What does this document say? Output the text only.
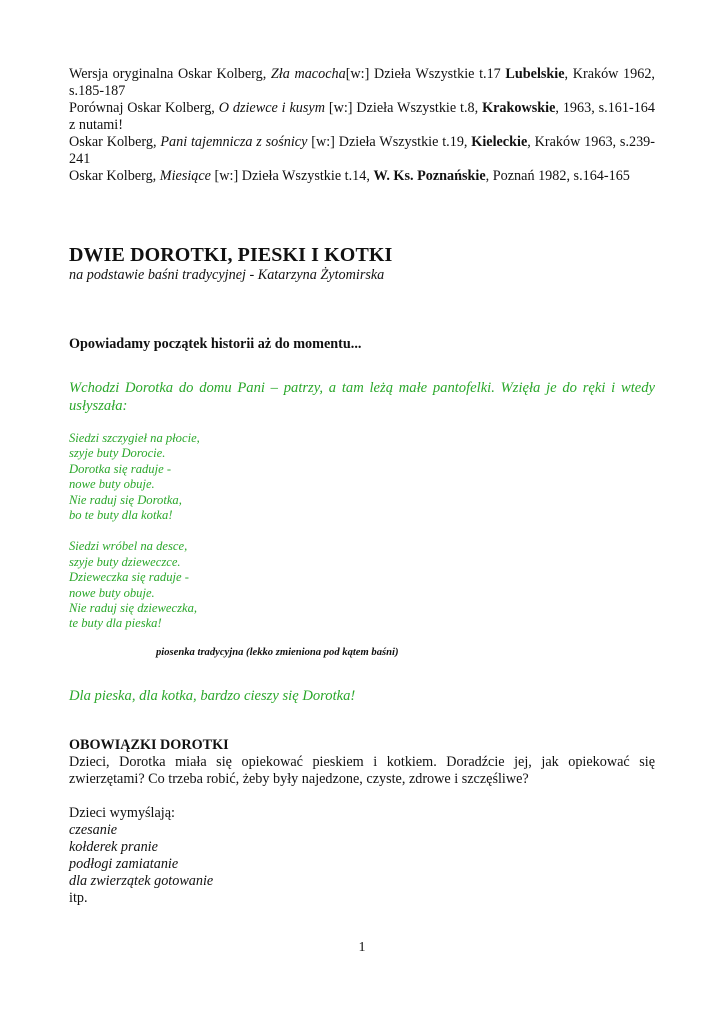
Wersja oryginalna Oskar Kolberg, Zła macocha[w:] Dzieła Wszystkie t.17 Lubelskie, Kraków 1962, s.185-187

Porównaj Oskar Kolberg, O dziewce i kusym [w:] Dzieła Wszystkie t.8, Krakowskie, 1963, s.161-164 z nutami!

Oskar Kolberg, Pani tajemnicza z sośnicy [w:] Dzieła Wszystkie t.19, Kieleckie, Kraków 1963, s.239-241

Oskar Kolberg, Miesiące [w:] Dzieła Wszystkie t.14, W. Ks. Poznańskie, Poznań 1982, s.164-165

DWIE DOROTKI, PIESKI I KOTKI

na podstawie baśni tradycyjnej - Katarzyna Żytomirska

Opowiadamy początek historii aż do momentu...

Wchodzi Dorotka do domu Pani – patrzy, a tam leżą małe pantofelki. Wzięła je do ręki i wtedy usłyszała:

Siedzi szczygieł na płocie,
szyje buty Dorocie.
Dorotka się raduje -
nowe buty obuje.
Nie raduj się Dorotka,
bo te buty dla kotka!
Siedzi wróbel na desce,
szyje buty dzieweczce.
Dzieweczka się raduje -
nowe buty obuje.
Nie raduj się dzieweczka,
te buty dla pieska!

piosenka tradycyjna (lekko zmieniona pod kątem baśni)

Dla pieska, dla kotka, bardzo cieszy się Dorotka!

OBOWIĄZKI DOROTKI

Dzieci, Dorotka miała się opiekować pieskiem i kotkiem. Doradźcie jej, jak opiekować się zwierzętami? Co trzeba robić, żeby były najedzone, czyste, zdrowe i szczęśliwe?

Dzieci wymyślają:

czesanie
kołderek pranie
podłogi zamiatanie
dla zwierzątek gotowanie
itp.
1
